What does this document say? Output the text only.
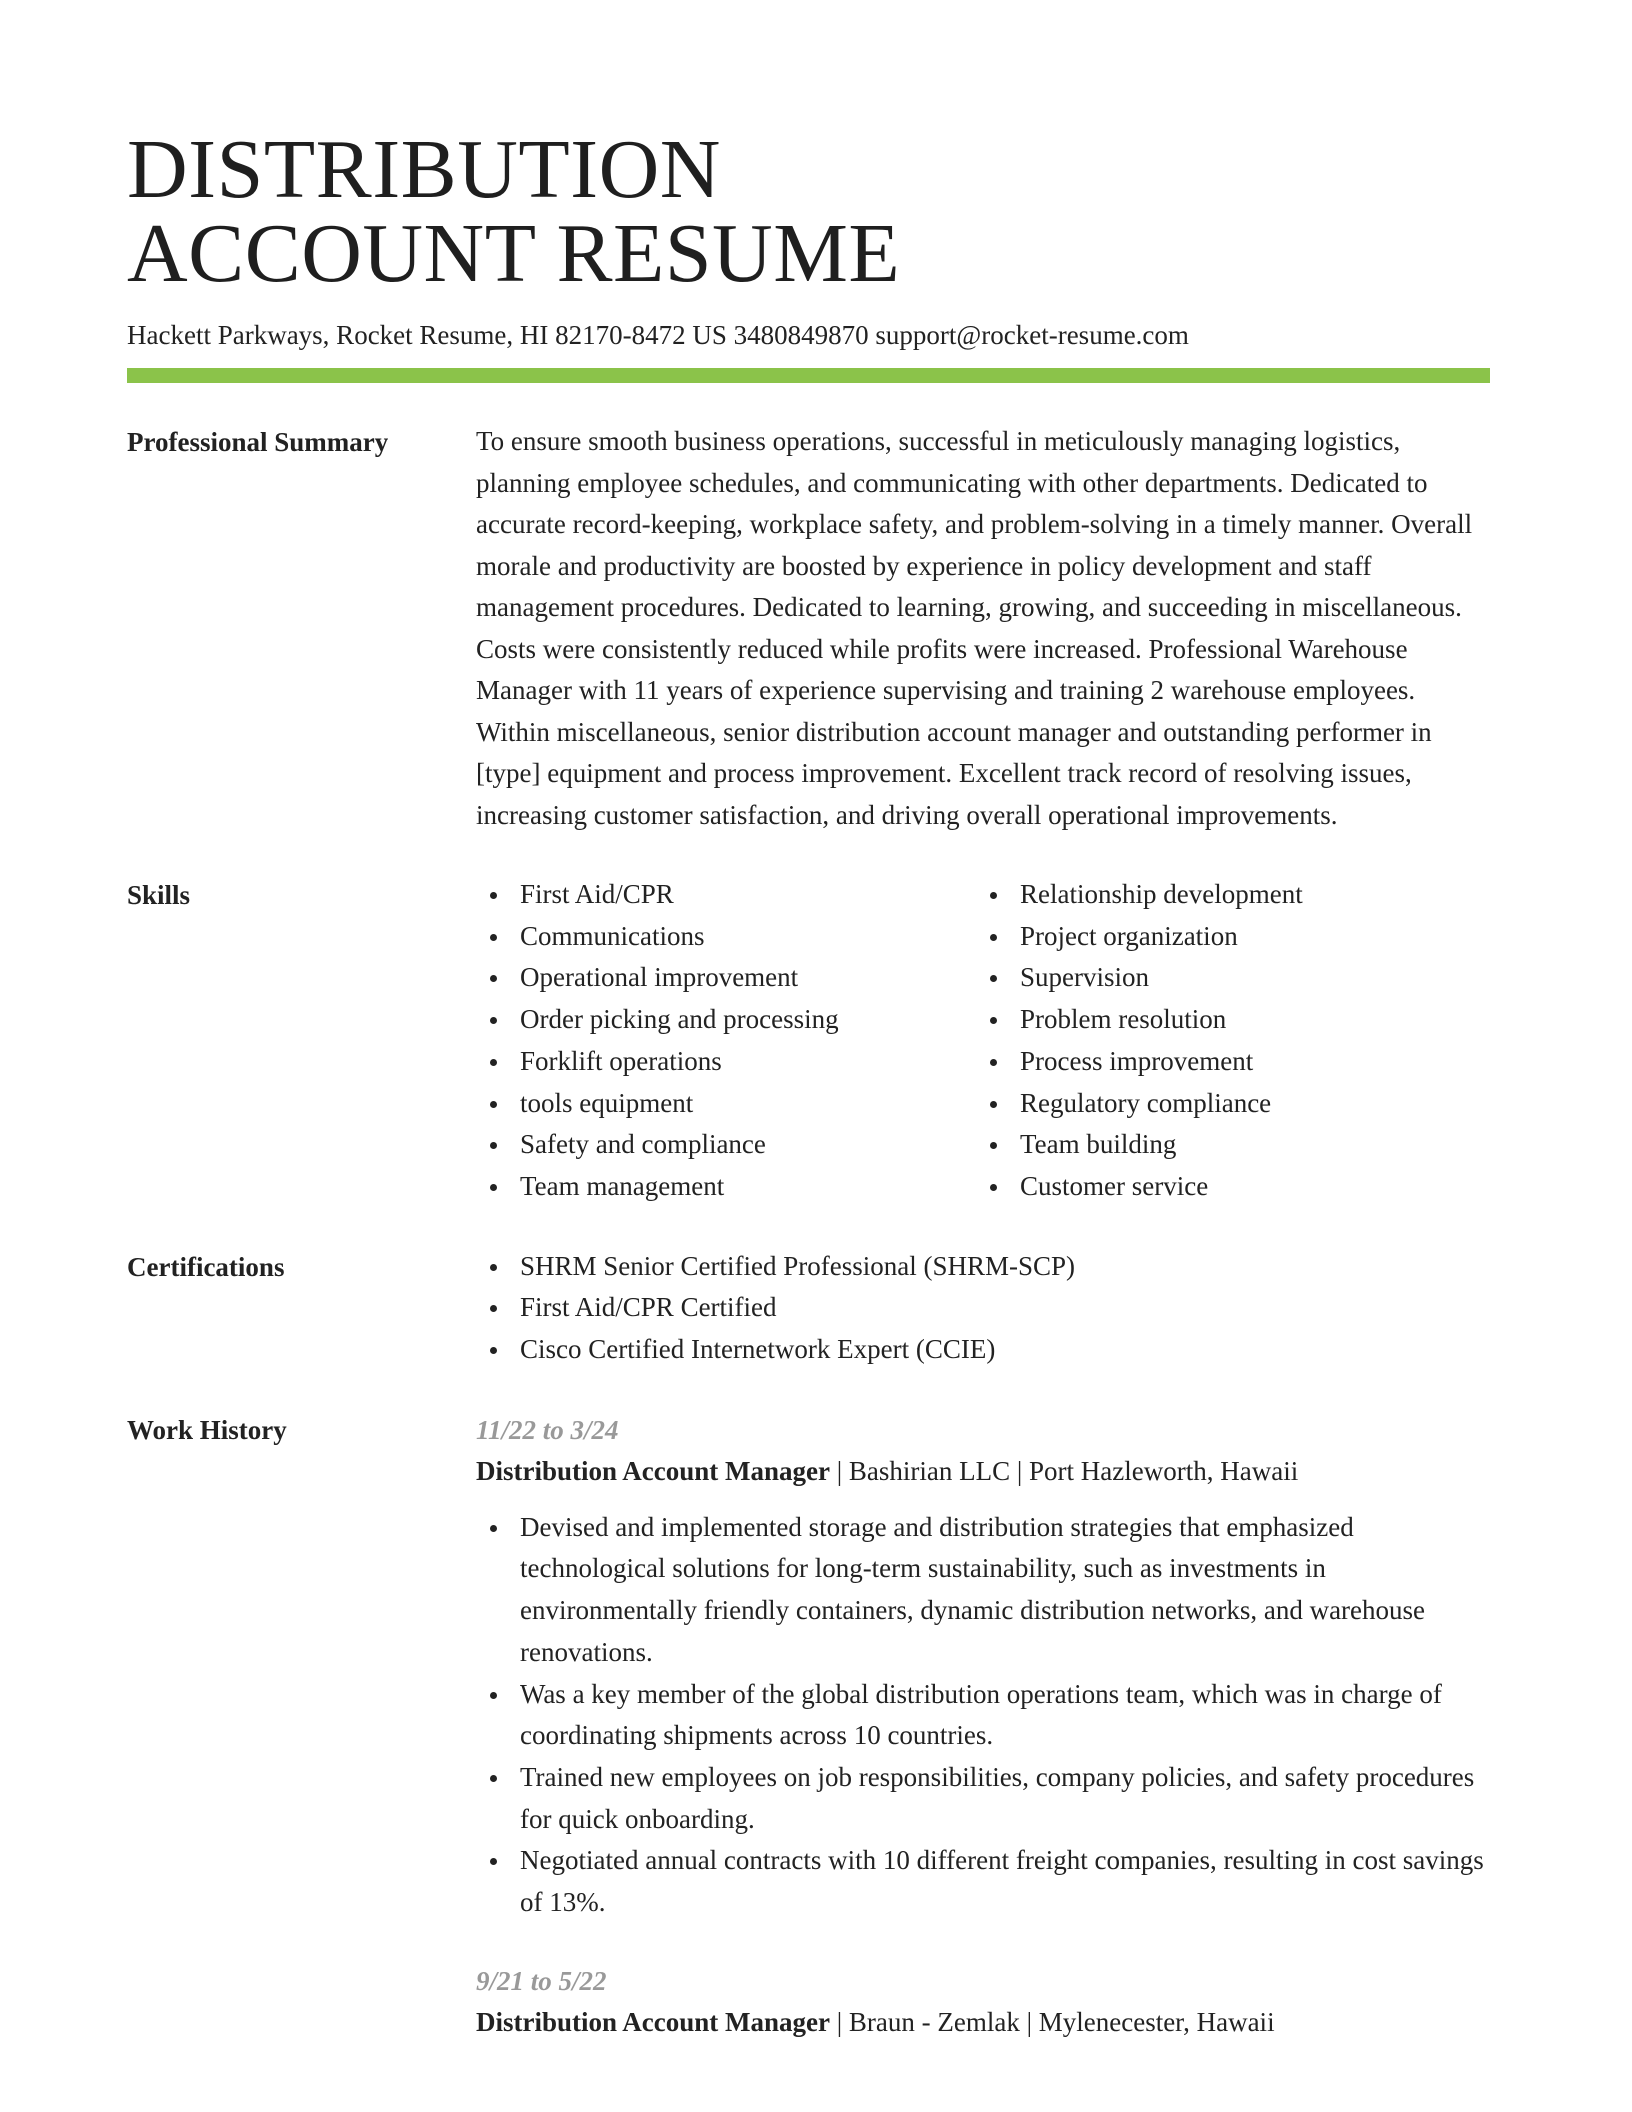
DISTRIBUTION
ACCOUNT RESUME
Hackett Parkways, Rocket Resume, HI 82170-8472 US 3480849870 support@rocket-resume.com
Professional Summary	To ensure smooth business operations, successful in meticulously managing logistics, planning employee schedules, and communicating with other departments. Dedicated to accurate record-keeping, workplace safety, and problem-solving in a timely manner. Overall morale and productivity are boosted by experience in policy development and staff management procedures. Dedicated to learning, growing, and succeeding in miscellaneous. Costs were consistently reduced while profits were increased. Professional Warehouse Manager with 11 years of experience supervising and training 2 warehouse employees. Within miscellaneous, senior distribution account manager and outstanding performer in [type] equipment and process improvement. Excellent track record of resolving issues, increasing customer satisfaction, and driving overall operational improvements.
Skills	First Aid/CPR
Communications
Operational improvement
Order picking and processing
Forklift operations
tools equipment
Safety and compliance
Team management
Relationship development
Project organization
Supervision
Problem resolution
Process improvement
Regulatory compliance
Team building
Customer service
Certifications	SHRM Senior Certified Professional (SHRM-SCP)
First Aid/CPR Certified
Cisco Certified Internetwork Expert (CCIE)
Work History	11/22 to 3/24
Distribution Account Manager | Bashirian LLC | Port Hazleworth, Hawaii
Devised and implemented storage and distribution strategies that emphasized technological solutions for long-term sustainability, such as investments in environmentally friendly containers, dynamic distribution networks, and warehouse renovations.
Was a key member of the global distribution operations team, which was in charge of coordinating shipments across 10 countries.
Trained new employees on job responsibilities, company policies, and safety procedures for quick onboarding.
Negotiated annual contracts with 10 different freight companies, resulting in cost savings of 13%.
9/21 to 5/22
Distribution Account Manager | Braun - Zemlak | Mylenecester, Hawaii
